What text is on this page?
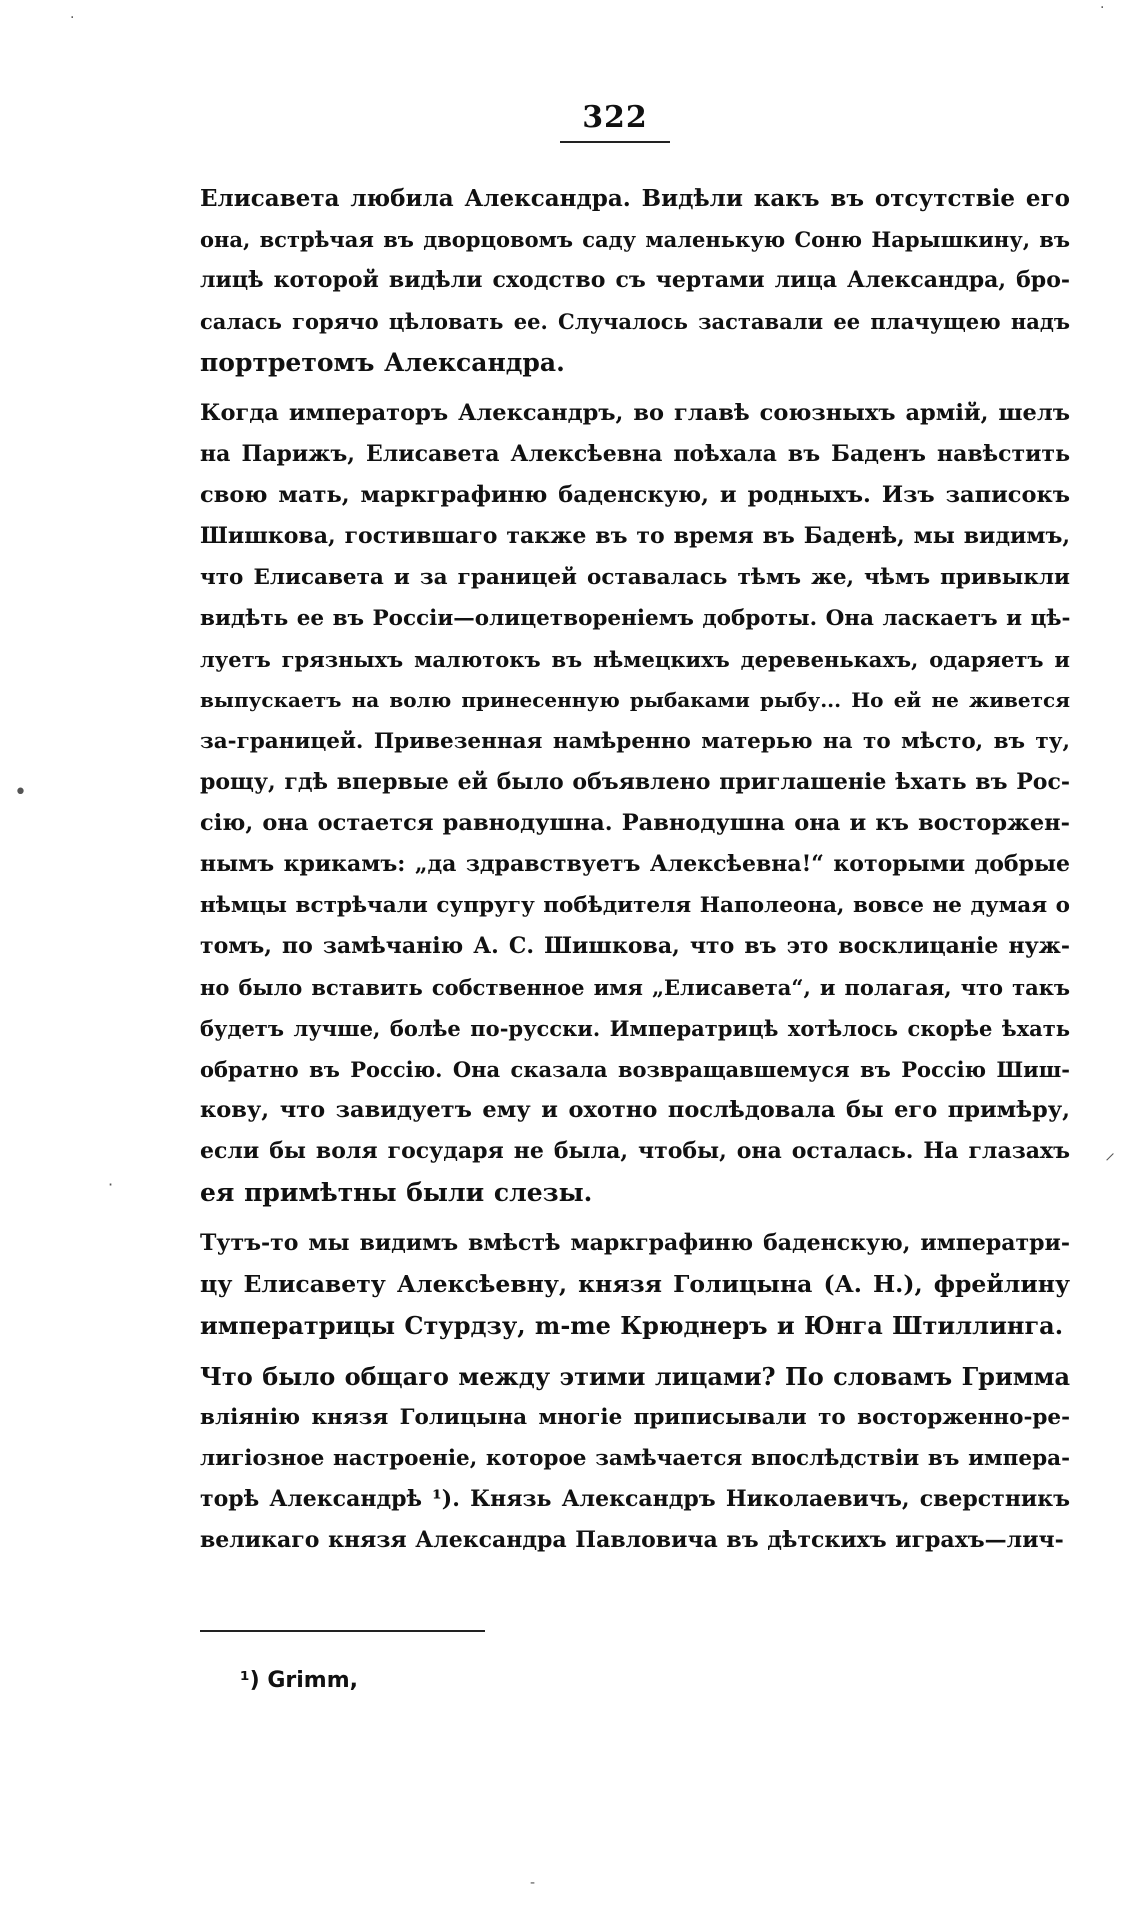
322
Елисавета любила Александра. Видѣли какъ въ отсутствіе его
она, встрѣчая въ дворцовомъ саду маленькую Соню Нарышкину, въ
лицѣ которой видѣли сходство съ чертами лица Александра, бро-
салась горячо цѣловать ее. Случалось заставали ее плачущею надъ
портретомъ Александра.
Когда императоръ Александръ, во главѣ союзныхъ армій, шелъ
на Парижъ, Елисавета Алексѣевна поѣхала въ Баденъ навѣстить
свою мать, маркграфиню баденскую, и родныхъ. Изъ записокъ
Шишкова, гостившаго также въ то время въ Баденѣ, мы видимъ,
что Елисавета и за границей оставалась тѣмъ же, чѣмъ привыкли
видѣть ее въ Россіи—олицетвореніемъ доброты. Она ласкаетъ и цѣ-
луетъ грязныхъ малютокъ въ нѣмецкихъ деревенькахъ, одаряетъ и
выпускаетъ на волю принесенную рыбаками рыбу... Но ей не живется
за-границей. Привезенная намѣренно матерью на то мѣсто, въ ту,
рощу, гдѣ впервые ей было объявлено приглашеніе ѣхать въ Рос-
сію, она остается равнодушна. Равнодушна она и къ восторжен-
нымъ крикамъ: „да здравствуетъ Алексѣевна!“ которыми добрые
нѣмцы встрѣчали супругу побѣдителя Наполеона, вовсе не думая о
томъ, по замѣчанію А. С. Шишкова, что въ это восклицаніе нуж-
но было вставить собственное имя „Елисавета“, и полагая, что такъ
будетъ лучше, болѣе по-русски. Императрицѣ хотѣлось скорѣе ѣхать
обратно въ Россію. Она сказала возвращавшемуся въ Россію Шиш-
кову, что завидуетъ ему и охотно послѣдовала бы его примѣру,
если бы воля государя не была, чтобы, она осталась. На глазахъ
ея примѣтны были слезы.
Тутъ-то мы видимъ вмѣстѣ маркграфиню баденскую, императри-
цу Елисавету Алексѣевну, князя Голицына (А. Н.), фрейлину
императрицы Стурдзу, m-me Крюднеръ и Юнга Штиллинга.
Что было общаго между этими лицами? По словамъ Гримма
вліянію князя Голицына многіе приписывали то восторженно-ре-
лигіозное настроеніе, которое замѣчается впослѣдствіи въ импера-
торѣ Александрѣ ¹). Князь Александръ Николаевичъ, сверстникъ
великаго князя Александра Павловича въ дѣтскихъ играхъ—лич-
¹) Grimm,
·
·
•
⸝
·
-
